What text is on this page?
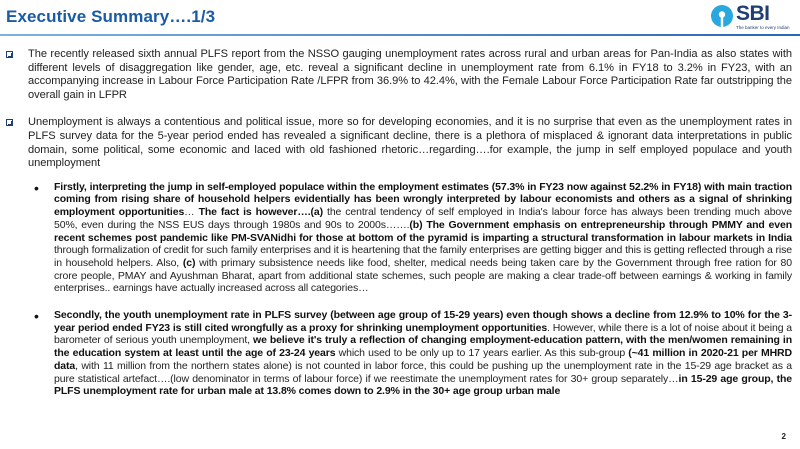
Executive Summary….1/3	SBI
The banker to every Indian
The recently released sixth annual PLFS report from the NSSO gauging unemployment rates across rural and urban areas for Pan-India as also states with different levels of disaggregation like gender, age, etc. reveal a significant decline in unemployment rate from 6.1% in FY18 to 3.2% in FY23, with an accompanying increase in Labour Force Participation Rate /LFPR from 36.9% to 42.4%, with the Female Labour Force Participation Rate far outstripping the overall gain in LFPR
Unemployment is always a contentious and political issue, more so for developing economies, and it is no surprise that even as the unemployment rates in PLFS survey data for the 5-year period ended has revealed a significant decline, there is a plethora of misplaced & ignorant data interpretations in public domain, some political, some economic and laced with old fashioned rhetoric…regarding….for example, the jump in self employed populace and youth unemployment
• Firstly, interpreting the jump in self-employed populace within the employment estimates (57.3% in FY23 now against 52.2% in FY18) with main traction coming from rising share of household helpers evidentially has been wrongly interpreted by labour economists and others as a signal of shrinking employment opportunities… The fact is however….(a) the central tendency of self employed in India's labour force has always been trending much above 50%, even during the NSS EUS days through 1980s and 90s to 2000s…….(b) The Government emphasis on entrepreneurship through PMMY and even recent schemes post pandemic like PM-SVANidhi for those at bottom of the pyramid is imparting a structural transformation in labour markets in India through formalization of credit for such family enterprises and it is heartening that the family enterprises are getting bigger and this is getting reflected through a rise in household helpers. Also, (c) with primary subsistence needs like food, shelter, medical needs being taken care by the Government through free ration for 80 crore people, PMAY and Ayushman Bharat, apart from additional state schemes, such people are making a clear trade-off between earnings & working in family enterprises.. earnings have actually increased across all categories…
• Secondly, the youth unemployment rate in PLFS survey (between age group of 15-29 years) even though shows a decline from 12.9% to 10% for the 3-year period ended FY23 is still cited wrongfully as a proxy for shrinking unemployment opportunities. However, while there is a lot of noise about it being a barometer of serious youth unemployment, we believe it's truly a reflection of changing employment-education pattern, with the men/women remaining in the education system at least until the age of 23-24 years which used to be only up to 17 years earlier. As this sub-group (~41 million in 2020-21 per MHRD data, with 11 million from the northern states alone) is not counted in labor force, this could be pushing up the unemployment rate in the 15-29 age bracket as a pure statistical artefact….(low denominator in terms of labour force) if we reestimate the unemployment rates for 30+ group separately…in 15-29 age group, the PLFS unemployment rate for urban male at 13.8% comes down to 2.9% in the 30+ age group urban male
2
